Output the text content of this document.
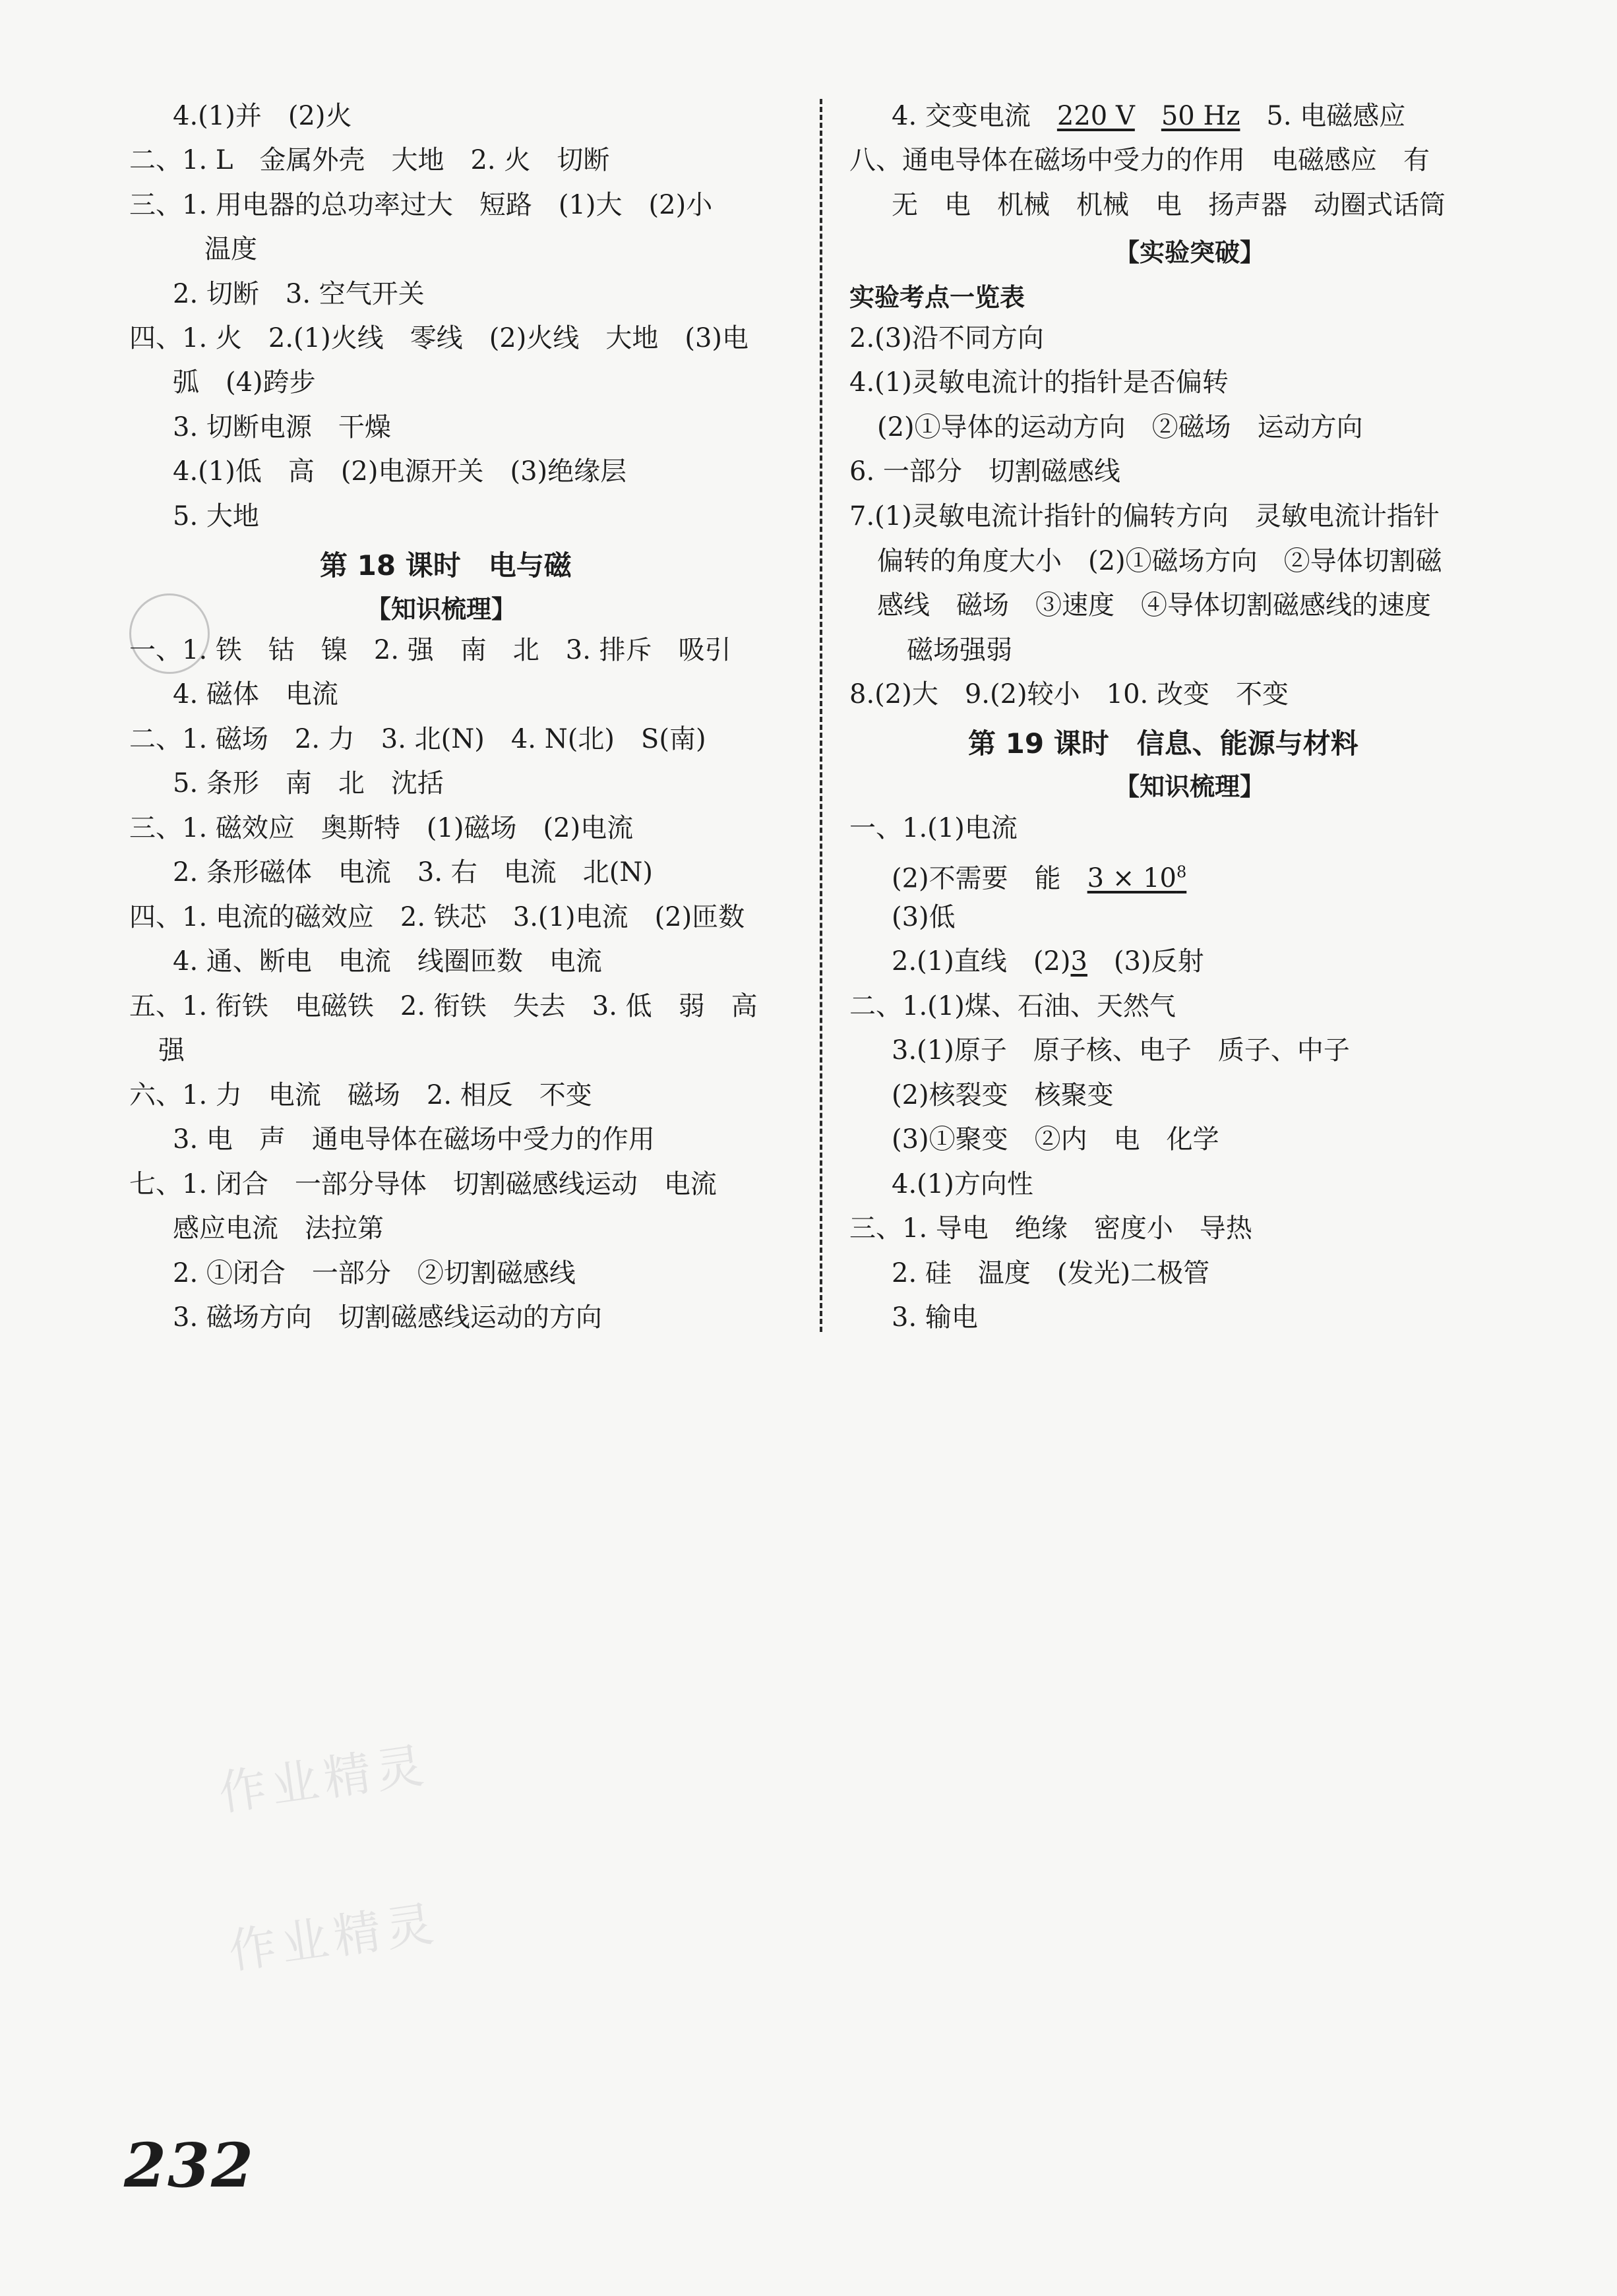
作业精灵
作业精灵
4.(1)并　(2)火
二、1. L　金属外壳　大地　2. 火　切断
三、1. 用电器的总功率过大　短路　(1)大　(2)小
温度
2. 切断　3. 空气开关
四、1. 火　2.(1)火线　零线　(2)火线　大地　(3)电
弧　(4)跨步
3. 切断电源　干燥
4.(1)低　高　(2)电源开关　(3)绝缘层
5. 大地
第 18 课时　电与磁
【知识梳理】
一、1. 铁　钴　镍　2. 强　南　北　3. 排斥　吸引
4. 磁体　电流
二、1. 磁场　2. 力　3. 北(N)　4. N(北)　S(南)
5. 条形　南　北　沈括
三、1. 磁效应　奥斯特　(1)磁场　(2)电流
2. 条形磁体　电流　3. 右　电流　北(N)
四、1. 电流的磁效应　2. 铁芯　3.(1)电流　(2)匝数
4. 通、断电　电流　线圈匝数　电流
五、1. 衔铁　电磁铁　2. 衔铁　失去　3. 低　弱　高
强
六、1. 力　电流　磁场　2. 相反　不变
3. 电　声　通电导体在磁场中受力的作用
七、1. 闭合　一部分导体　切割磁感线运动　电流
感应电流　法拉第
2. ①闭合　一部分　②切割磁感线
3. 磁场方向　切割磁感线运动的方向
4. 交变电流　220 V　 50 Hz　5. 电磁感应
八、通电导体在磁场中受力的作用　电磁感应　有
无　电　机械　机械　电　扬声器　动圈式话筒
【实验突破】
实验考点一览表
2.(3)沿不同方向
4.(1)灵敏电流计的指针是否偏转
(2)①导体的运动方向　②磁场　运动方向
6. 一部分　切割磁感线
7.(1)灵敏电流计指针的偏转方向　灵敏电流计指针
偏转的角度大小　(2)①磁场方向　②导体切割磁
感线　磁场　③速度　④导体切割磁感线的速度
磁场强弱
8.(2)大　9.(2)较小　10. 改变　不变
第 19 课时　信息、能源与材料
【知识梳理】
一、1.(1)电流
(2)不需要　能　$3 \times 10^8$
(3)低
2.(1)直线　(2)3　(3)反射
二、1.(1)煤、石油、天然气
3.(1)原子　原子核、电子　质子、中子
(2)核裂变　核聚变
(3)①聚变　②内　电　化学
4.(1)方向性
三、1. 导电　绝缘　密度小　导热
2. 硅　温度　(发光)二极管
3. 输电
232
